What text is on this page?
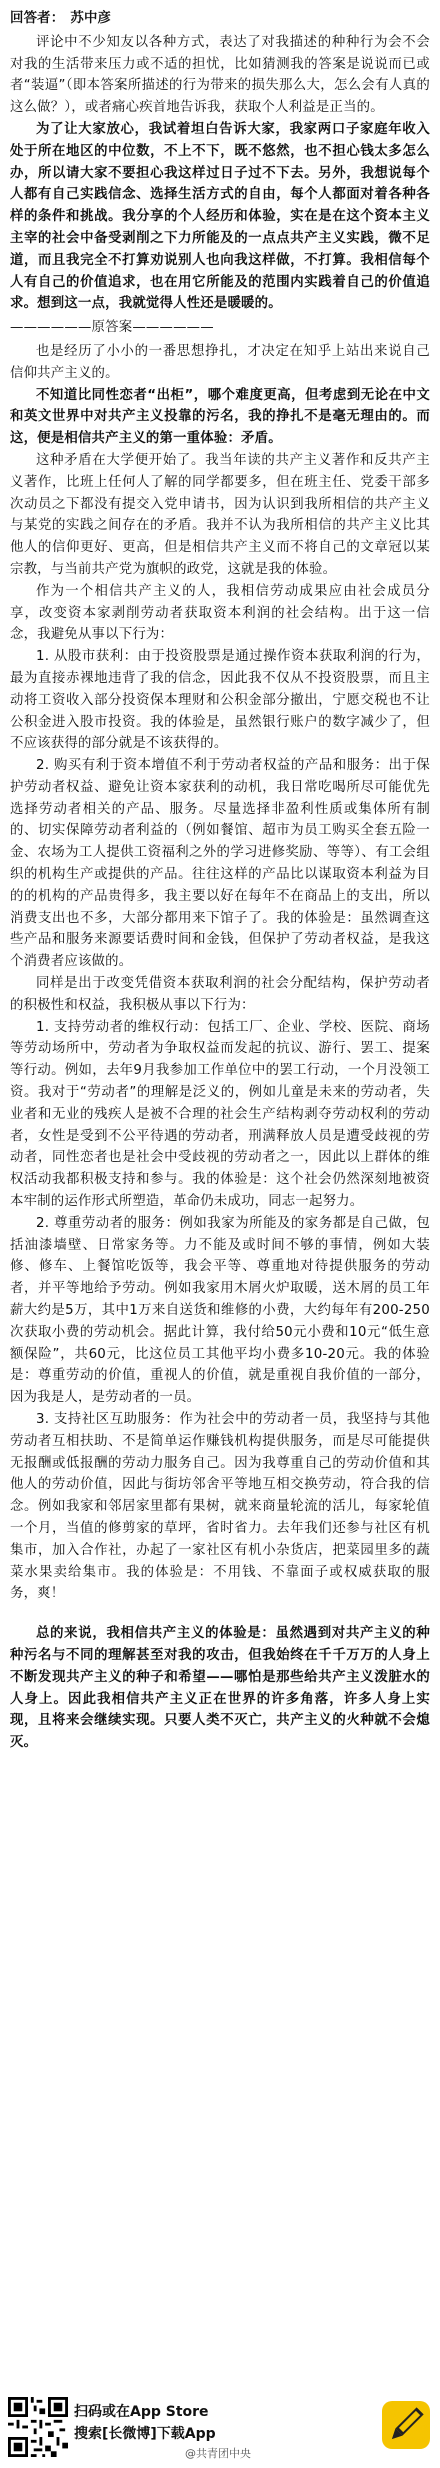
回答者： 苏中彦

评论中不少知友以各种方式，表达了对我描述的种种行为会不会对我的生活带来压力或不适的担忧，比如猜测我的答案是说说而已或者“装逼”（即本答案所描述的行为带来的损失那么大，怎么会有人真的这么做？），或者痛心疾首地告诉我，获取个人利益是正当的。

为了让大家放心，我试着坦白告诉大家，我家两口子家庭年收入处于所在地区的中位数，不上不下，既不悠然，也不担心钱太多怎么办，所以请大家不要担心我这样过日子过不下去。另外，我想说每个人都有自己实践信念、选择生活方式的自由，每个人都面对着各种各样的条件和挑战。我分享的个人经历和体验，实在是在这个资本主义主宰的社会中备受剥削之下力所能及的一点点共产主义实践，微不足道，而且我完全不打算劝说别人也向我这样做，不打算。我相信每个人有自己的价值追求，也在用它所能及的范围内实践着自己的价值追求。想到这一点，我就觉得人性还是暖暖的。

——————原答案——————

也是经历了小小的一番思想挣扎，才决定在知乎上站出来说自己信仰共产主义的。

不知道比同性恋者“出柜”，哪个难度更高，但考虑到无论在中文和英文世界中对共产主义投靠的污名，我的挣扎不是毫无理由的。而这，便是相信共产主义的第一重体验：矛盾。

这种矛盾在大学便开始了。我当年读的共产主义著作和反共产主义著作，比班上任何人了解的同学都要多，但在班主任、党委干部多次动员之下都没有提交入党申请书，因为认识到我所相信的共产主义与某党的实践之间存在的矛盾。我并不认为我所相信的共产主义比其他人的信仰更好、更高，但是相信共产主义而不将自己的文章冠以某宗教，与当前共产党为旗帜的政党，这就是我的体验。

作为一个相信共产主义的人，我相信劳动成果应由社会成员分享，改变资本家剥削劳动者获取资本利润的社会结构。出于这一信念，我避免从事以下行为：

1. 从股市获利：由于投资股票是通过操作资本获取利润的行为，最为直接赤裸地违背了我的信念，因此我不仅从不投资股票，而且主动将工资收入部分投资保本理财和公积金部分撤出，宁愿交税也不让公积金进入股市投资。我的体验是，虽然银行账户的数字减少了，但不应该获得的部分就是不该获得的。

2. 购买有利于资本增值不利于劳动者权益的产品和服务：出于保护劳动者权益、避免让资本家获利的动机，我日常吃喝所尽可能优先选择劳动者相关的产品、服务。尽量选择非盈利性质或集体所有制的、切实保障劳动者利益的（例如餐馆、超市为员工购买全套五险一金、农场为工人提供工资福利之外的学习进修奖励、等等）、有工会组织的机构生产或提供的产品。往往这样的产品比以谋取资本利益为目的的机构的产品贵得多，我主要以好在每年不在商品上的支出，所以消费支出也不多，大部分都用来下馆子了。我的体验是：虽然调查这些产品和服务来源要话费时间和金钱，但保护了劳动者权益，是我这个消费者应该做的。

同样是出于改变凭借资本获取利润的社会分配结构，保护劳动者的积极性和权益，我积极从事以下行为：

1. 支持劳动者的维权行动：包括工厂、企业、学校、医院、商场等劳动场所中，劳动者为争取权益而发起的抗议、游行、罢工、提案等行动。例如，去年9月我参加工作单位中的罢工行动，一个月没领工资。我对于“劳动者”的理解是泛义的，例如儿童是未来的劳动者，失业者和无业的残疾人是被不合理的社会生产结构剥夺劳动权利的劳动者，女性是受到不公平待遇的劳动者，刑满释放人员是遭受歧视的劳动者，同性恋者也是社会中受歧视的劳动者之一，因此以上群体的维权活动我都积极支持和参与。我的体验是：这个社会仍然深刻地被资本牢制的运作形式所塑造，革命仍未成功，同志一起努力。

2. 尊重劳动者的服务：例如我家为所能及的家务都是自己做，包括油漆墙壁、日常家务等。力不能及或时间不够的事情，例如大装修、修车、上餐馆吃饭等，我会平等、尊重地对待提供服务的劳动者，并平等地给予劳动。例如我家用木屑火炉取暖，送木屑的员工年薪大约是5万，其中1万来自送货和维修的小费，大约每年有200-250次获取小费的劳动机会。据此计算，我付给50元小费和10元“低生意额保险”，共60元，比这位员工其他平均小费多10-20元。我的体验是：尊重劳动的价值，重视人的价值，就是重视自我价值的一部分，因为我是人，是劳动者的一员。

3. 支持社区互助服务：作为社会中的劳动者一员，我坚持与其他劳动者互相扶助、不是简单运作赚钱机构提供服务，而是尽可能提供无报酬或低报酬的劳动力服务自己。因为我尊重自己的劳动价值和其他人的劳动价值，因此与街坊邻舍平等地互相交换劳动，符合我的信念。例如我家和邻居家里都有果树，就来商量轮流的活儿，每家轮值一个月，当值的修剪家的草坪，省时省力。去年我们还参与社区有机集市，加入合作社，办起了一家社区有机小杂货店，把菜园里多的蔬菜水果卖给集市。我的体验是：不用钱、不靠面子或权威获取的服务，爽！

总的来说，我相信共产主义的体验是：虽然遇到对共产主义的种种污名与不同的理解甚至对我的攻击，但我始终在千千万万的人身上不断发现共产主义的种子和希望——哪怕是那些给共产主义泼脏水的人身上。因此我相信共产主义正在世界的许多角落，许多人身上实现，且将来会继续实现。只要人类不灭亡，共产主义的火种就不会熄灭。

扫码或在App Store
搜索[长微博]下载App
@共青团中央
